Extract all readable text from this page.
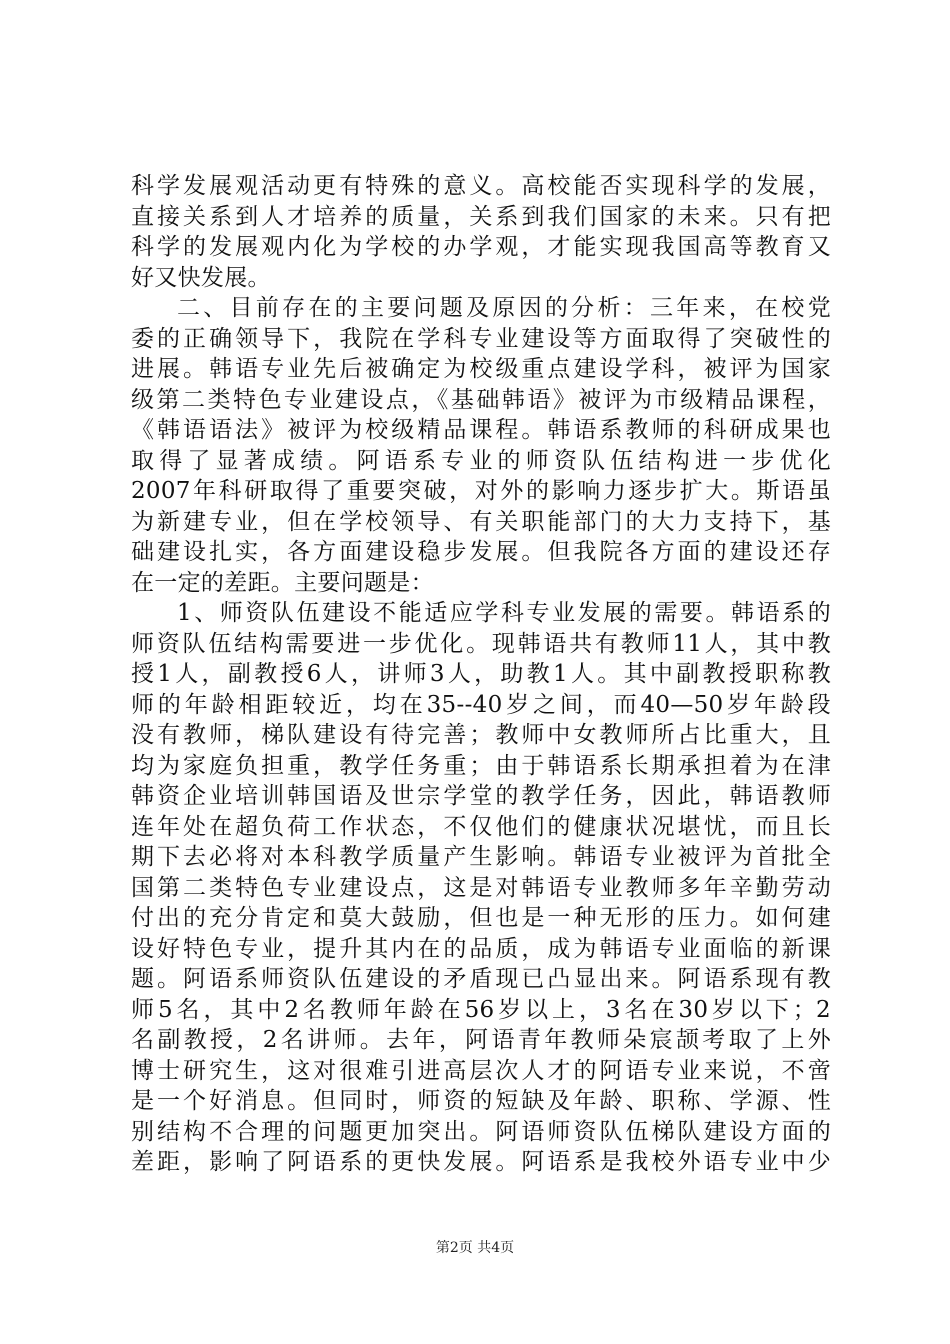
科学发展观活动更有特殊的意义。高校能否实现科学的发展，
直接关系到人才培养的质量，关系到我们国家的未来。只有把
科学的发展观内化为学校的办学观，才能实现我国高等教育又
好又快发展。
二、目前存在的主要问题及原因的分析：三年来，在校党
委的正确领导下，我院在学科专业建设等方面取得了突破性的
进展。韩语专业先后被确定为校级重点建设学科，被评为国家
级第二类特色专业建设点，《基础韩语》被评为市级精品课程，
《韩语语法》被评为校级精品课程。韩语系教师的科研成果也
取得了显著成绩。阿语系专业的师资队伍结构进一步优化
2007年科研取得了重要突破，对外的影响力逐步扩大。斯语虽
为新建专业，但在学校领导、有关职能部门的大力支持下，基
础建设扎实，各方面建设稳步发展。但我院各方面的建设还存
在一定的差距。主要问题是：
1、师资队伍建设不能适应学科专业发展的需要。韩语系的
师资队伍结构需要进一步优化。现韩语共有教师11人，其中教
授1人，副教授6人，讲师3人，助教1人。其中副教授职称教
师的年龄相距较近，均在35--40岁之间，而40—50岁年龄段
没有教师，梯队建设有待完善；教师中女教师所占比重大，且
均为家庭负担重，教学任务重；由于韩语系长期承担着为在津
韩资企业培训韩国语及世宗学堂的教学任务，因此，韩语教师
连年处在超负荷工作状态，不仅他们的健康状况堪忧，而且长
期下去必将对本科教学质量产生影响。韩语专业被评为首批全
国第二类特色专业建设点，这是对韩语专业教师多年辛勤劳动
付出的充分肯定和莫大鼓励，但也是一种无形的压力。如何建
设好特色专业，提升其内在的品质，成为韩语专业面临的新课
题。阿语系师资队伍建设的矛盾现已凸显出来。阿语系现有教
师5名，其中2名教师年龄在56岁以上，3名在30岁以下；2
名副教授，2名讲师。去年，阿语青年教师朵宸颉考取了上外
博士研究生，这对很难引进高层次人才的阿语专业来说，不啻
是一个好消息。但同时，师资的短缺及年龄、职称、学源、性
别结构不合理的问题更加突出。阿语师资队伍梯队建设方面的
差距，影响了阿语系的更快发展。阿语系是我校外语专业中少
第2页 共4页
